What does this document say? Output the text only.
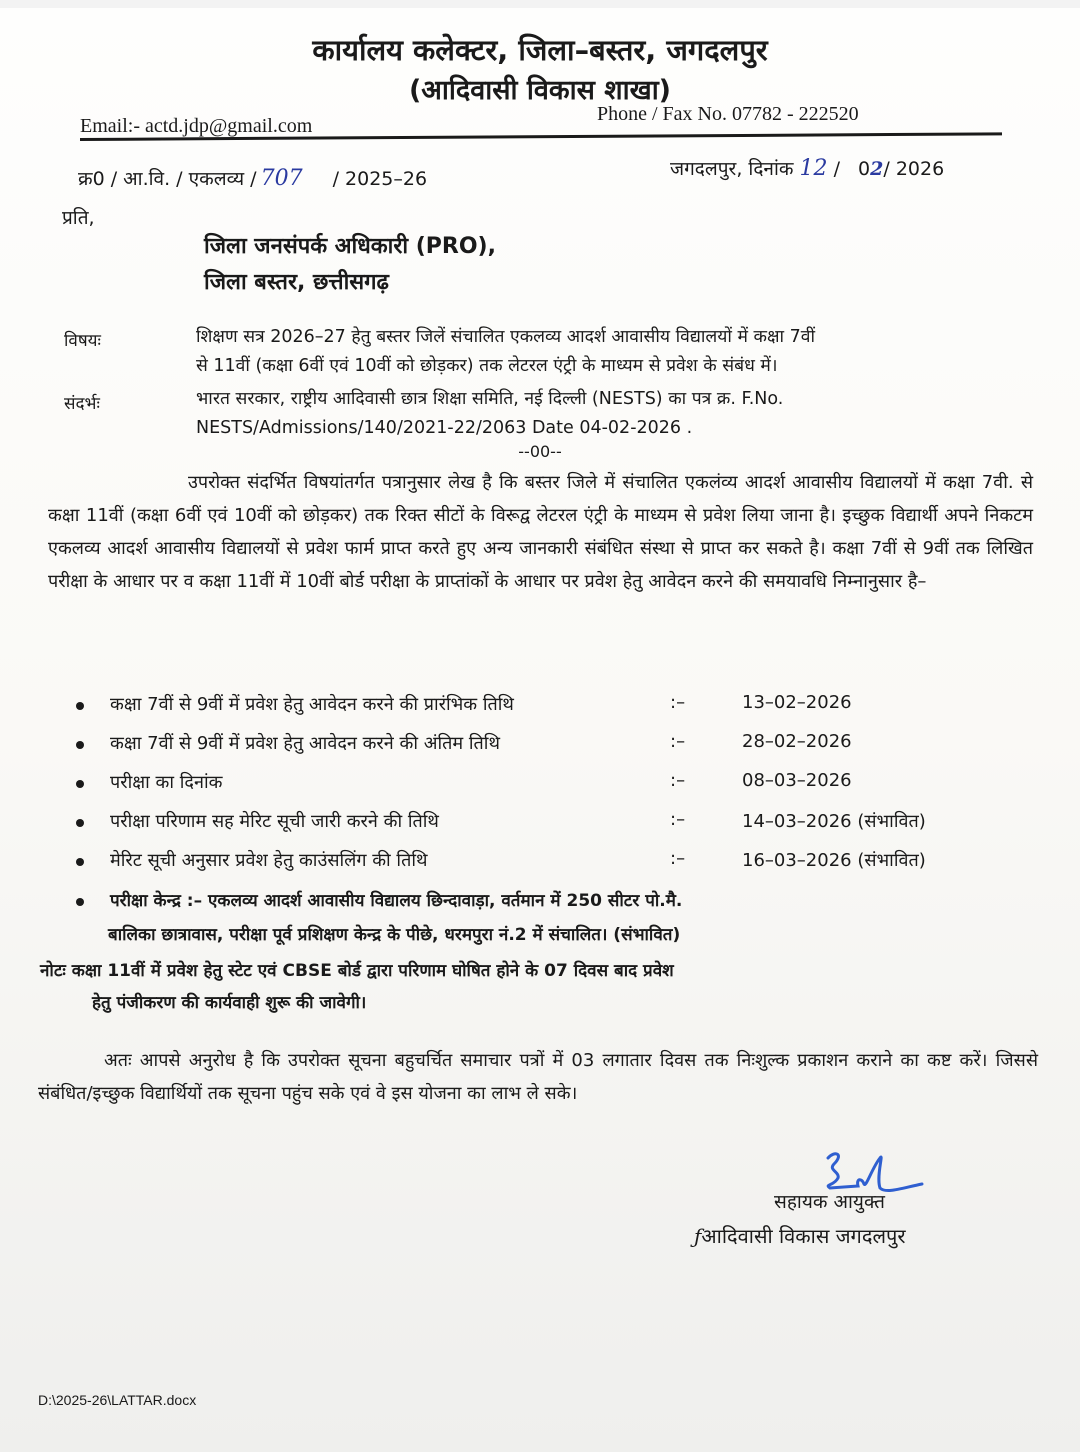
कार्यालय कलेक्टर, जिला–बस्तर, जगदलपुर
(आदिवासी विकास शाखा)
Email:- actd.jdp@gmail.com
Phone / Fax No. 07782 - 222520
क्र0 / आ.वि. / एकलव्य / 707 / 2025–26	जगदलपुर, दिनांक 12 / 02/ 2026
प्रति,
जिला जनसंपर्क अधिकारी (PRO),
जिला बस्तर, छत्तीसगढ़
विषयः	शिक्षण सत्र 2026–27 हेतु बस्तर जिलें संचालित एकलव्य आदर्श आवासीय विद्यालयों में कक्षा 7वीं
से 11वीं (कक्षा 6वीं एवं 10वीं को छोड़कर) तक लेटरल एंट्री के माध्यम से प्रवेश के संबंध में।
संदर्भः	भारत सरकार, राष्ट्रीय आदिवासी छात्र शिक्षा समिति, नई दिल्ली (NESTS) का पत्र क्र. F.No.
NESTS/Admissions/140/2021-22/2063 Date 04-02-2026 .
--00--
उपरोक्त संदर्भित विषयांतर्गत पत्रानुसार लेख है कि बस्तर जिले में संचालित एकलंव्य आदर्श आवासीय विद्यालयों में कक्षा 7वी. से कक्षा 11वीं (कक्षा 6वीं एवं 10वीं को छोड़कर) तक रिक्त सीटों के विरूद्व लेटरल एंट्री के माध्यम से प्रवेश लिया जाना है। इच्छुक विद्यार्थी अपने निकटम एकलव्य आदर्श आवासीय विद्यालयों से प्रवेश फार्म प्राप्त करते हुए अन्य जानकारी संबंधित संस्था से प्राप्त कर सकते है। कक्षा 7वीं से 9वीं तक लिखित परीक्षा के आधार पर व कक्षा 11वीं में 10वीं बोर्ड परीक्षा के प्राप्तांकों के आधार पर प्रवेश हेतु आवेदन करने की समयावधि निम्नानुसार है–
कक्षा 7वीं से 9वीं में प्रवेश हेतु आवेदन करने की प्रारंभिक तिथि	:–	13–02–2026
कक्षा 7वीं से 9वीं में प्रवेश हेतु आवेदन करने की अंतिम तिथि	:–	28–02–2026
परीक्षा का दिनांक	:–	08–03–2026
परीक्षा परिणाम सह मेरिट सूची जारी करने की तिथि	:–	14–03–2026 (संभावित)
मेरिट सूची अनुसार प्रवेश हेतु काउंसलिंग की तिथि	:–	16–03–2026 (संभावित)
परीक्षा केन्द्र :– एकलव्य आदर्श आवासीय विद्यालय छिन्दावाड़ा, वर्तमान में 250 सीटर पो.मै.
बालिका छात्रावास, परीक्षा पूर्व प्रशिक्षण केन्द्र के पीछे, धरमपुरा नं.2 में संचालित। (संभावित)
नोटः कक्षा 11वीं में प्रवेश हेतु स्टेट एवं CBSE बोर्ड द्वारा परिणाम घोषित होने के 07 दिवस बाद प्रवेश
हेतु पंजीकरण की कार्यवाही शुरू की जावेगी।
अतः आपसे अनुरोध है कि उपरोक्त सूचना बहुचर्चित समाचार पत्रों में 03 लगातार दिवस तक निःशुल्क प्रकाशन कराने का कष्ट करें। जिससे संबंधित/इच्छुक विद्यार्थियों तक सूचना पहुंच सके एवं वे इस योजना का लाभ ले सके।
सहायक आयुक्त
ƒआदिवासी विकास जगदलपुर
D:\2025-26\LATTAR.docx
